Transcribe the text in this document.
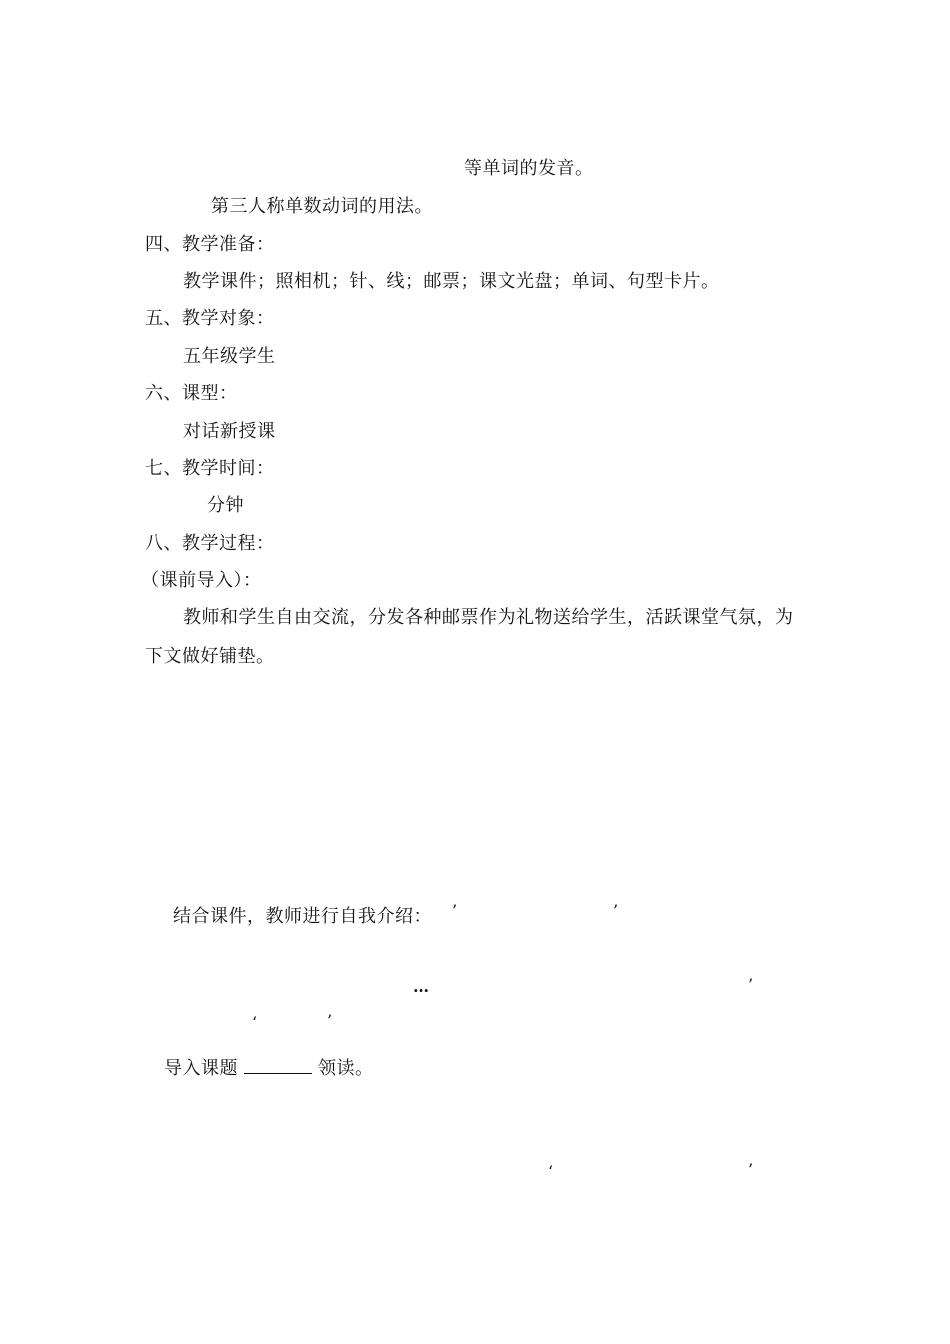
等单词的发音。
第三人称单数动词的用法。
四、教学准备：
教学课件；照相机；针、线；邮票；课文光盘；单词、句型卡片。
五、教学对象：
五年级学生
六、课型：
对话新授课
七、教学时间：
分钟
八、教学过程：
（课前导入）：
教师和学生自由交流，分发各种邮票作为礼物送给学生，活跃课堂气氛，为
下文做好铺垫。
结合课件，教师进行自我介绍： ’	’
…	’
‘	’
导入课题	领读。
‘	’
